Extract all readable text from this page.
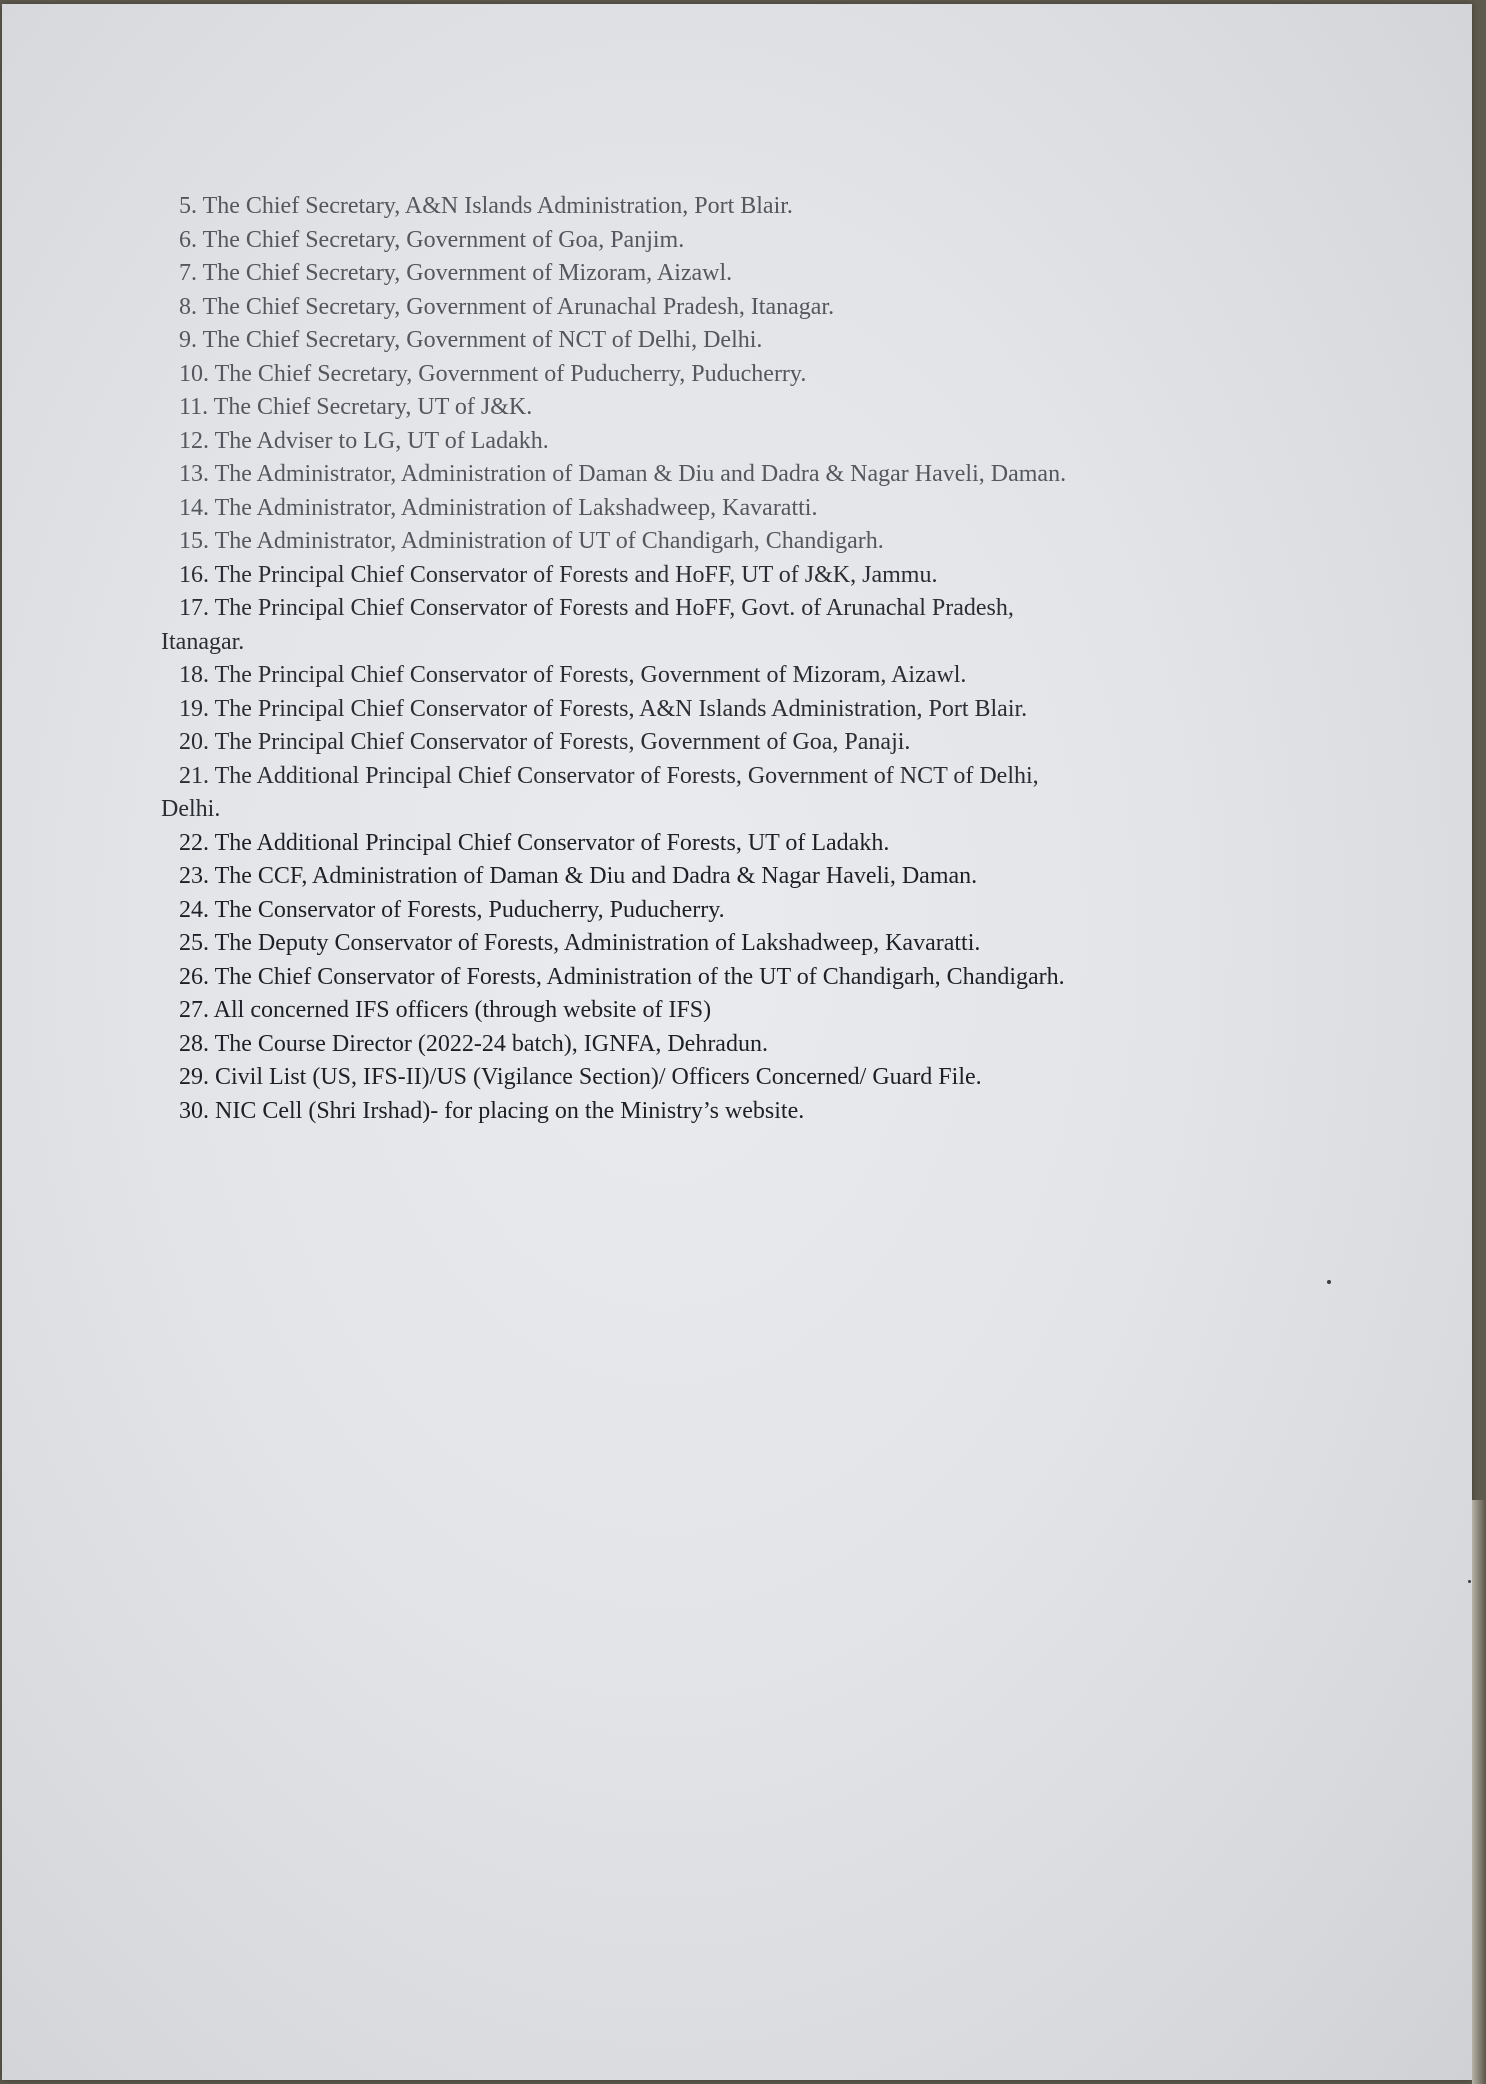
5. The Chief Secretary, A&N Islands Administration, Port Blair.
6. The Chief Secretary, Government of Goa, Panjim.
7. The Chief Secretary, Government of Mizoram, Aizawl.
8. The Chief Secretary, Government of Arunachal Pradesh, Itanagar.
9. The Chief Secretary, Government of NCT of Delhi, Delhi.
10. The Chief Secretary, Government of Puducherry, Puducherry.
11. The Chief Secretary, UT of J&K.
12. The Adviser to LG, UT of Ladakh.
13. The Administrator, Administration of Daman & Diu and Dadra & Nagar Haveli, Daman.
14. The Administrator, Administration of Lakshadweep, Kavaratti.
15. The Administrator, Administration of UT of Chandigarh, Chandigarh.
16. The Principal Chief Conservator of Forests and HoFF, UT of J&K, Jammu.
17. The Principal Chief Conservator of Forests and HoFF, Govt. of Arunachal Pradesh,
Itanagar.
18. The Principal Chief Conservator of Forests, Government of Mizoram, Aizawl.
19. The Principal Chief Conservator of Forests, A&N Islands Administration, Port Blair.
20. The Principal Chief Conservator of Forests, Government of Goa, Panaji.
21. The Additional Principal Chief Conservator of Forests, Government of NCT of Delhi,
Delhi.
22. The Additional Principal Chief Conservator of Forests, UT of Ladakh.
23. The CCF, Administration of Daman & Diu and Dadra & Nagar Haveli, Daman.
24. The Conservator of Forests, Puducherry, Puducherry.
25. The Deputy Conservator of Forests, Administration of Lakshadweep, Kavaratti.
26. The Chief Conservator of Forests, Administration of the UT of Chandigarh, Chandigarh.
27. All concerned IFS officers (through website of IFS)
28. The Course Director (2022-24 batch), IGNFA, Dehradun.
29. Civil List (US, IFS-II)/US (Vigilance Section)/ Officers Concerned/ Guard File.
30. NIC Cell (Shri Irshad)- for placing on the Ministry’s website.
